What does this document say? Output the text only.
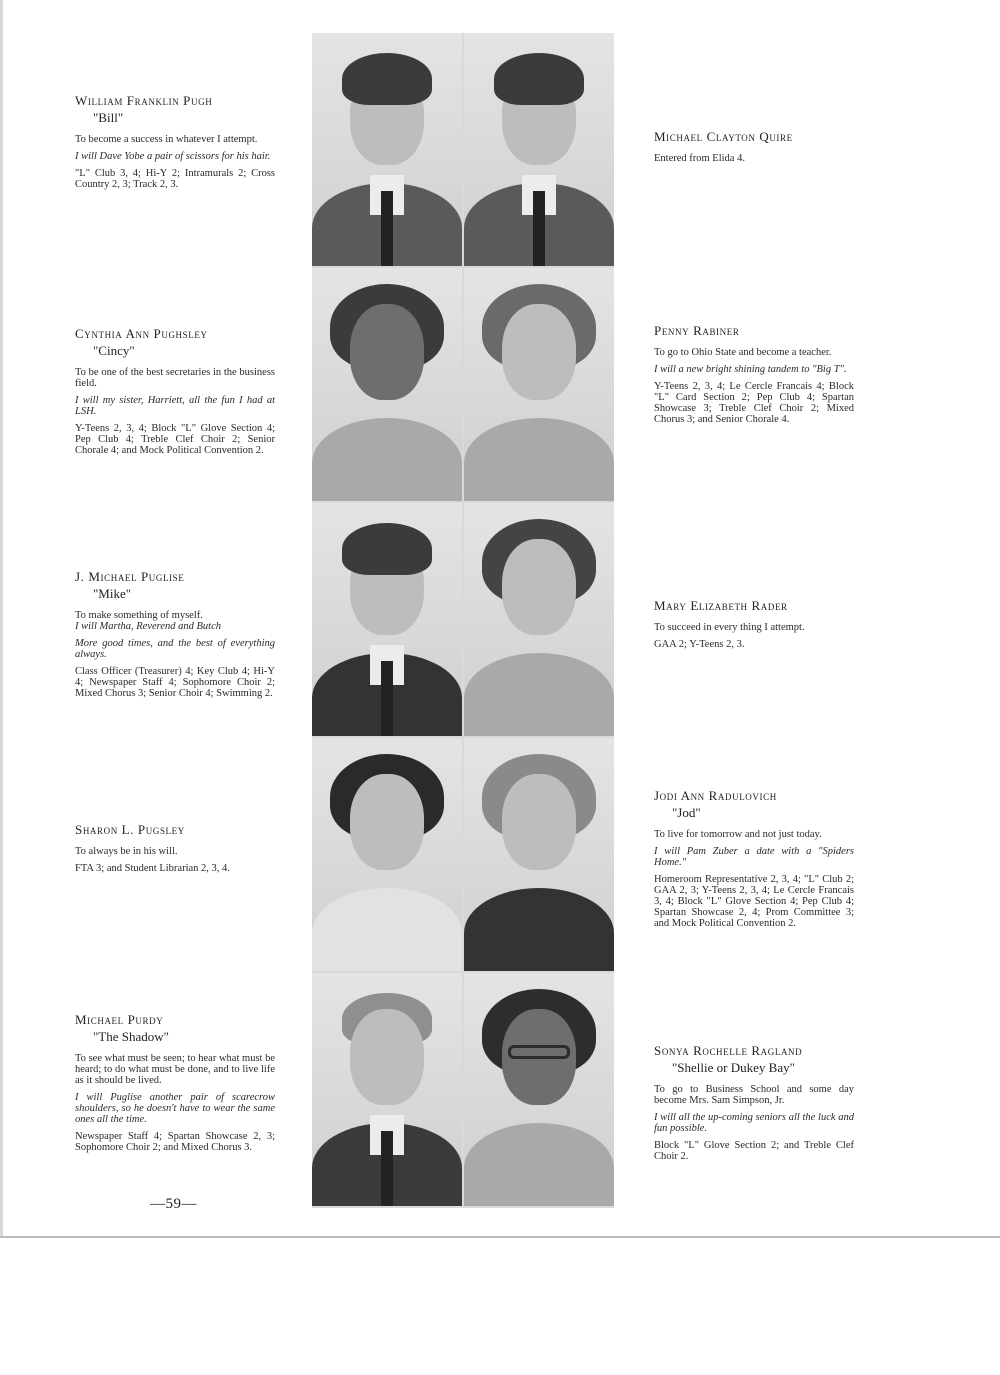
William Franklin Pugh
"Bill"

To become a success in whatever I attempt.

I will Dave Yobe a pair of scissors for his hair.

"L" Club 3, 4; Hi-Y 2; Intramurals 2; Cross Country 2, 3; Track 2, 3.

Cynthia Ann Pughsley
"Cincy"

To be one of the best secretaries in the business field.

I will my sister, Harriett, all the fun I had at LSH.

Y-Teens 2, 3, 4; Block "L" Glove Section 4; Pep Club 4; Treble Clef Choir 2; Senior Chorale 4; and Mock Political Convention 2.

J. Michael Puglise
"Mike"

To make something of myself.

I will Martha, Reverend and Butch

More good times, and the best of everything always.

Class Officer (Treasurer) 4; Key Club 4; Hi-Y 4; Newspaper Staff 4; Sophomore Choir 2; Mixed Chorus 3; Senior Choir 4; Swimming 2.

Sharon L. Pugsley

To always be in his will.

FTA 3; and Student Librarian 2, 3, 4.

Michael Purdy
"The Shadow"

To see what must be seen; to hear what must be heard; to do what must be done, and to live life as it should be lived.

I will Puglise another pair of scarecrow shoulders, so he doesn't have to wear the same ones all the time.

Newspaper Staff 4; Spartan Showcase 2, 3; Sophomore Choir 2; and Mixed Chorus 3.

Michael Clayton Quire

Entered from Elida 4.

Penny Rabiner

To go to Ohio State and become a teacher.

I will a new bright shining tandem to "Big T".

Y-Teens 2, 3, 4; Le Cercle Francais 4; Block "L" Card Section 2; Pep Club 4; Spartan Showcase 3; Treble Clef Choir 2; Mixed Chorus 3; and Senior Chorale 4.

Mary Elizabeth Rader

To succeed in every thing I attempt.

GAA 2; Y-Teens 2, 3.

Jodi Ann Radulovich
"Jod"

To live for tomorrow and not just today.

I will Pam Zuber a date with a "Spiders Home."

Homeroom Representative 2, 3, 4; "L" Club 2; GAA 2, 3; Y-Teens 2, 3, 4; Le Cercle Francais 3, 4; Block "L" Glove Section 4; Pep Club 4; Spartan Showcase 2, 4; Prom Committee 3; and Mock Political Convention 2.

Sonya Rochelle Ragland
"Shellie or Dukey Bay"

To go to Business School and some day become Mrs. Sam Simpson, Jr.

I will all the up-coming seniors all the luck and fun possible.

Block "L" Glove Section 2; and Treble Clef Choir 2.

—59—
